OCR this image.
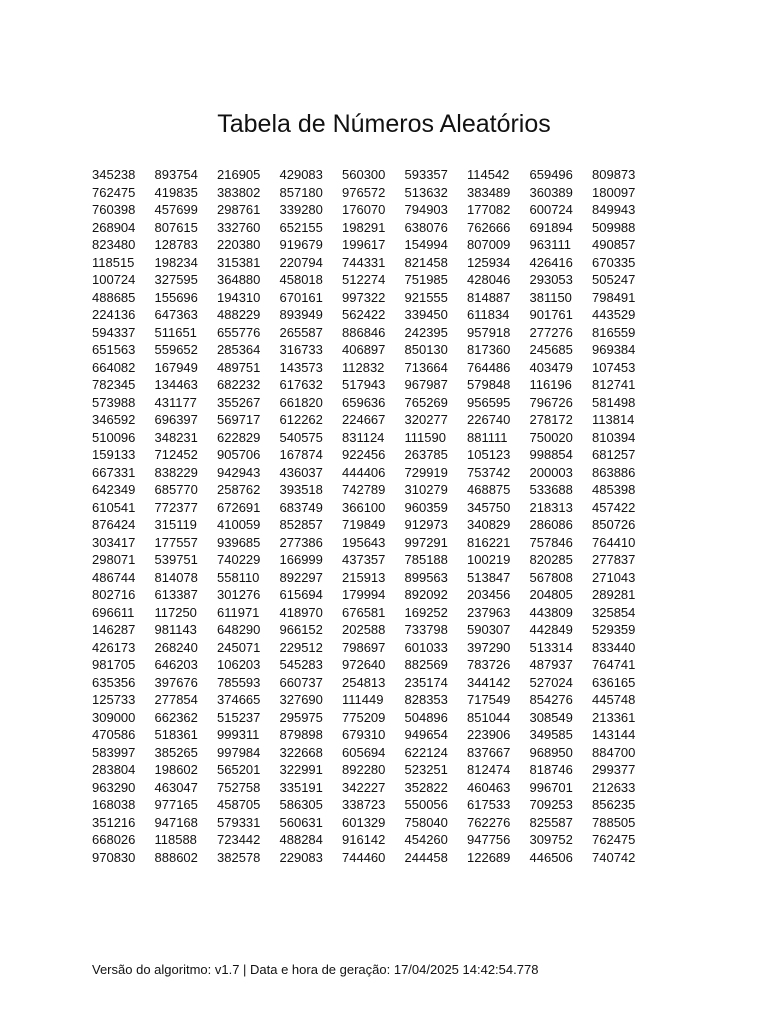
Tabela de Números Aleatórios
345238	893754	216905	429083	560300	593357	114542	659496	809873
762475	419835	383802	857180	976572	513632	383489	360389	180097
760398	457699	298761	339280	176070	794903	177082	600724	849943
268904	807615	332760	652155	198291	638076	762666	691894	509988
823480	128783	220380	919679	199617	154994	807009	963111	490857
118515	198234	315381	220794	744331	821458	125934	426416	670335
100724	327595	364880	458018	512274	751985	428046	293053	505247
488685	155696	194310	670161	997322	921555	814887	381150	798491
224136	647363	488229	893949	562422	339450	611834	901761	443529
594337	511651	655776	265587	886846	242395	957918	277276	816559
651563	559652	285364	316733	406897	850130	817360	245685	969384
664082	167949	489751	143573	112832	713664	764486	403479	107453
782345	134463	682232	617632	517943	967987	579848	116196	812741
573988	431177	355267	661820	659636	765269	956595	796726	581498
346592	696397	569717	612262	224667	320277	226740	278172	113814
510096	348231	622829	540575	831124	111590	881111	750020	810394
159133	712452	905706	167874	922456	263785	105123	998854	681257
667331	838229	942943	436037	444406	729919	753742	200003	863886
642349	685770	258762	393518	742789	310279	468875	533688	485398
610541	772377	672691	683749	366100	960359	345750	218313	457422
876424	315119	410059	852857	719849	912973	340829	286086	850726
303417	177557	939685	277386	195643	997291	816221	757846	764410
298071	539751	740229	166999	437357	785188	100219	820285	277837
486744	814078	558110	892297	215913	899563	513847	567808	271043
802716	613387	301276	615694	179994	892092	203456	204805	289281
696611	117250	611971	418970	676581	169252	237963	443809	325854
146287	981143	648290	966152	202588	733798	590307	442849	529359
426173	268240	245071	229512	798697	601033	397290	513314	833440
981705	646203	106203	545283	972640	882569	783726	487937	764741
635356	397676	785593	660737	254813	235174	344142	527024	636165
125733	277854	374665	327690	111449	828353	717549	854276	445748
309000	662362	515237	295975	775209	504896	851044	308549	213361
470586	518361	999311	879898	679310	949654	223906	349585	143144
583997	385265	997984	322668	605694	622124	837667	968950	884700
283804	198602	565201	322991	892280	523251	812474	818746	299377
963290	463047	752758	335191	342227	352822	460463	996701	212633
168038	977165	458705	586305	338723	550056	617533	709253	856235
351216	947168	579331	560631	601329	758040	762276	825587	788505
668026	118588	723442	488284	916142	454260	947756	309752	762475
970830	888602	382578	229083	744460	244458	122689	446506	740742
Versão do algoritmo: v1.7 | Data e hora de geração: 17/04/2025 14:42:54.778
